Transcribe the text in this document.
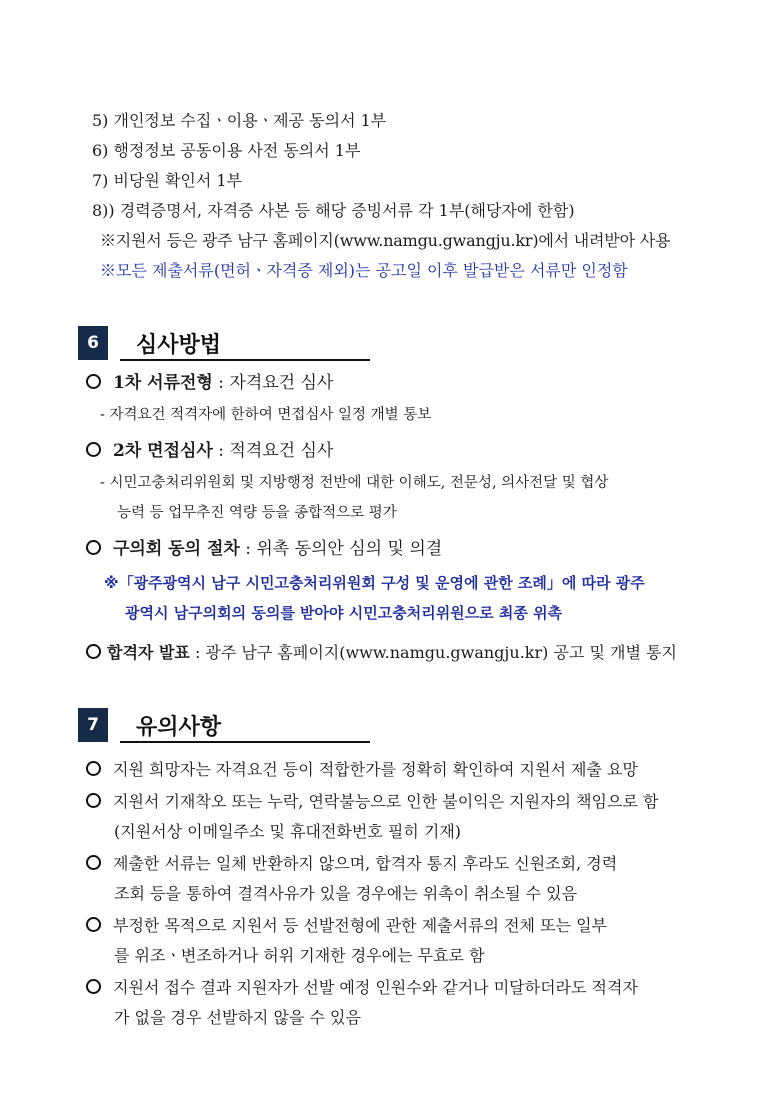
5) 개인정보 수집ㆍ이용ㆍ제공 동의서 1부
6) 행정정보 공동이용 사전 동의서 1부
7) 비당원 확인서 1부
8)) 경력증명서, 자격증 사본 등 해당 증빙서류 각 1부(해당자에 한함)
※지원서 등은 광주 남구 홈페이지(www.namgu.gwangju.kr)에서 내려받아 사용
※모든 제출서류(면허ㆍ자격증 제외)는 공고일 이후 발급받은 서류만 인정함
6	심사방법
1차 서류전형 : 자격요건 심사
- 자격요건 적격자에 한하여 면접심사 일정 개별 통보
2차 면접심사 : 적격요건 심사
- 시민고충처리위원회 및 지방행정 전반에 대한 이해도, 전문성, 의사전달 및 협상
능력 등 업무추진 역량 등을 종합적으로 평가
구의회 동의 절차 : 위촉 동의안 심의 및 의결
※「광주광역시 남구 시민고충처리위원회 구성 및 운영에 관한 조례」에 따라 광주
광역시 남구의회의 동의를 받아야 시민고충처리위원으로 최종 위촉
합격자 발표 : 광주 남구 홈페이지(www.namgu.gwangju.kr) 공고 및 개별 통지
7	유의사항
지원 희망자는 자격요건 등이 적합한가를 정확히 확인하여 지원서 제출 요망
지원서 기재착오 또는 누락, 연락불능으로 인한 불이익은 지원자의 책임으로 함
(지원서상 이메일주소 및 휴대전화번호 필히 기재)
제출한 서류는 일체 반환하지 않으며, 합격자 통지 후라도 신원조회, 경력
조회 등을 통하여 결격사유가 있을 경우에는 위촉이 취소될 수 있음
부정한 목적으로 지원서 등 선발전형에 관한 제출서류의 전체 또는 일부
를 위조ㆍ변조하거나 허위 기재한 경우에는 무효로 함
지원서 접수 결과 지원자가 선발 예정 인원수와 같거나 미달하더라도 적격자
가 없을 경우 선발하지 않을 수 있음
